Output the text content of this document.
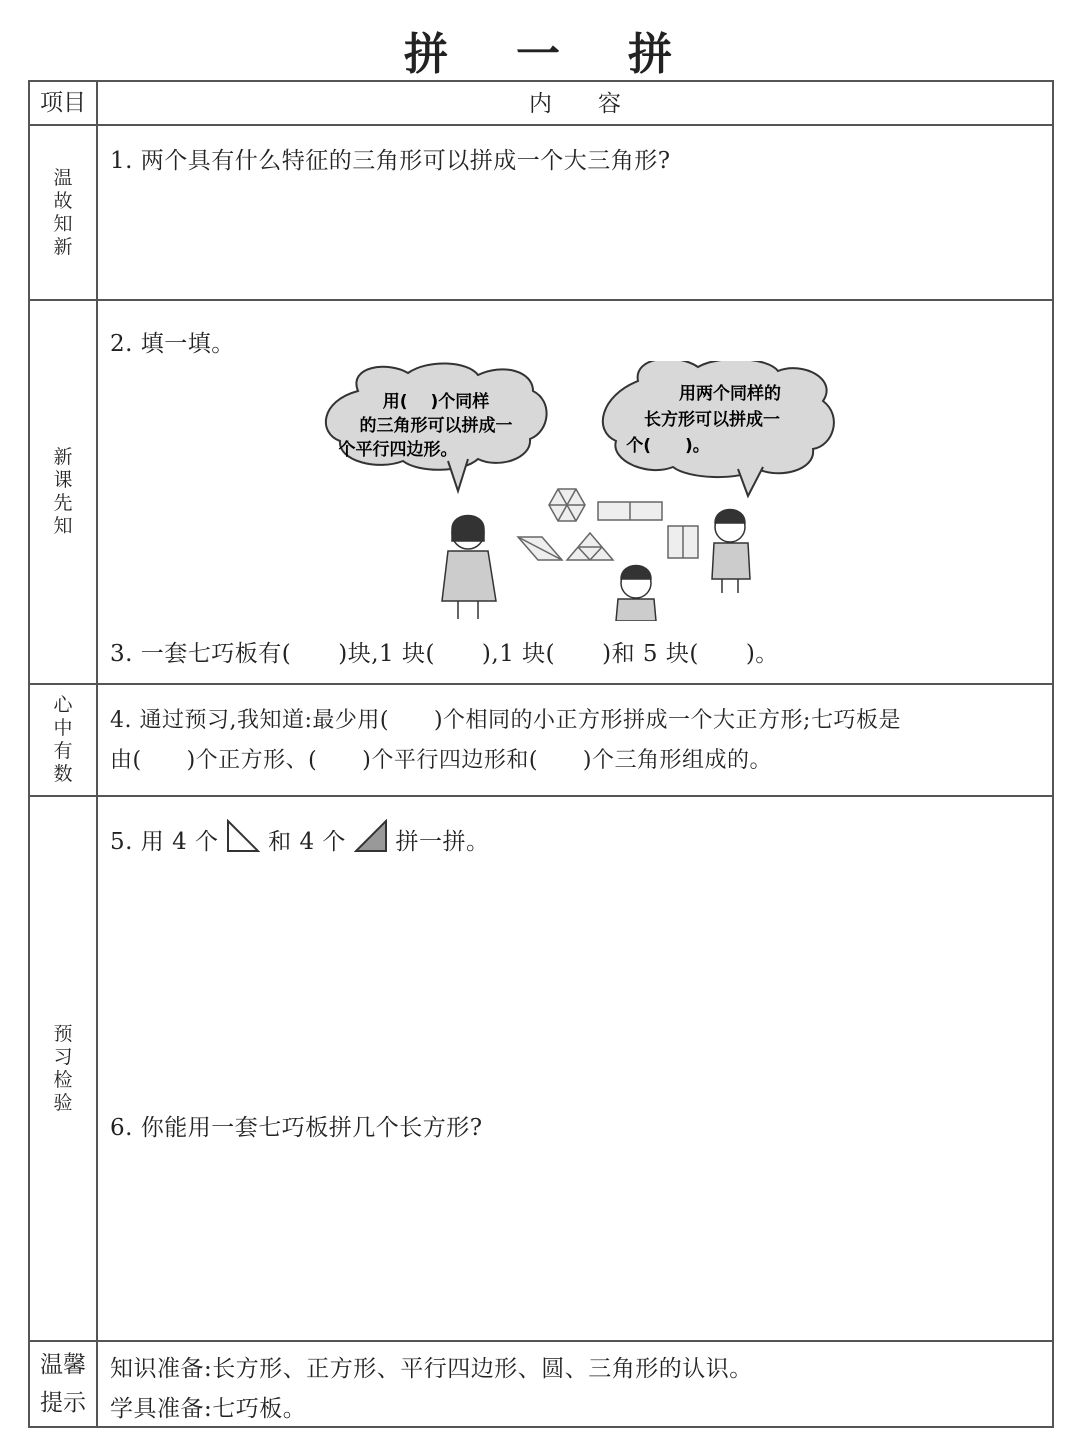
拼 一 拼
项目	内　　容
温故知新
1. 两个具有什么特征的三角形可以拼成一个大三角形?
新课先知
2. 填一填。
用(　 )个同样
的三角形可以拼成一
个平行四边形。
用两个同样的
长方形可以拼成一
个(　　)。
3. 一套七巧板有(　　)块,1 块(　　),1 块(　　)和 5 块(　　)。
心中有数
4. 通过预习,我知道:最少用(　　)个相同的小正方形拼成一个大正方形;七巧板是
由(　　)个正方形、(　　)个平行四边形和(　　)个三角形组成的。
预习检验
5. 用 4 个 和 4 个 拼一拼。
6. 你能用一套七巧板拼几个长方形?
温馨
提示
知识准备:长方形、正方形、平行四边形、圆、三角形的认识。
学具准备:七巧板。
